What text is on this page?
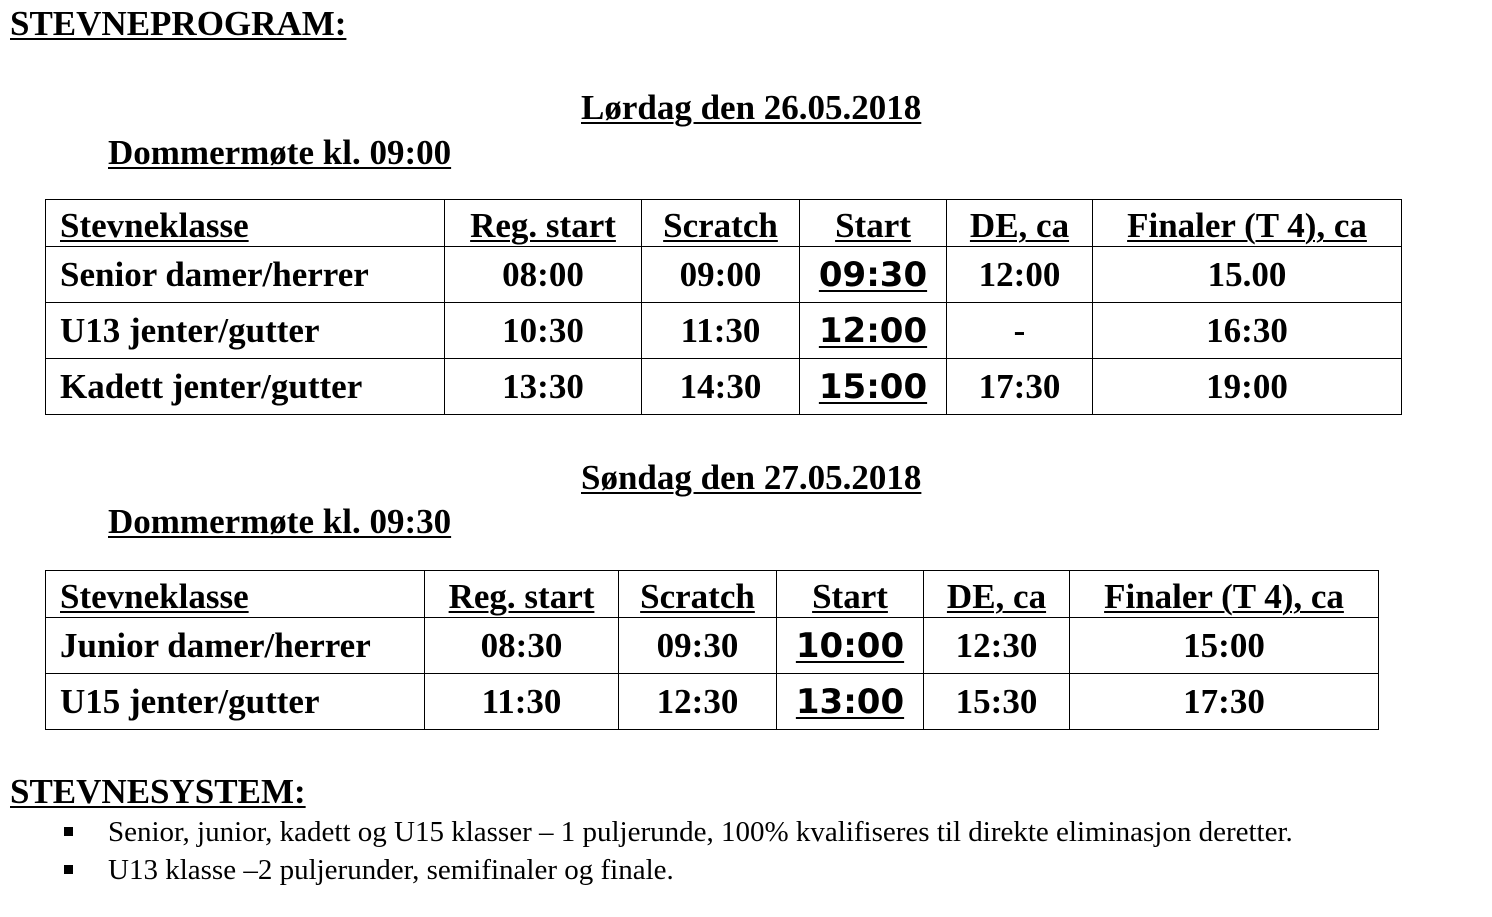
STEVNEPROGRAM:
Lørdag den 26.05.2018
Dommermøte kl. 09:00
Stevneklasse	Reg. start	Scratch	Start	DE, ca	Finaler (T 4), ca
Senior damer/herrer	08:00	09:00	09:30	12:00	15.00
U13 jenter/gutter	10:30	11:30	12:00	-	16:30
Kadett jenter/gutter	13:30	14:30	15:00	17:30	19:00
Søndag den 27.05.2018
Dommermøte kl. 09:30
Stevneklasse	Reg. start	Scratch	Start	DE, ca	Finaler (T 4), ca
Junior damer/herrer	08:30	09:30	10:00	12:30	15:00
U15 jenter/gutter	11:30	12:30	13:00	15:30	17:30
STEVNESYSTEM:
Senior, junior, kadett og U15 klasser – 1 puljerunde, 100% kvalifiseres til direkte eliminasjon deretter.
U13 klasse –2 puljerunder, semifinaler og finale.
